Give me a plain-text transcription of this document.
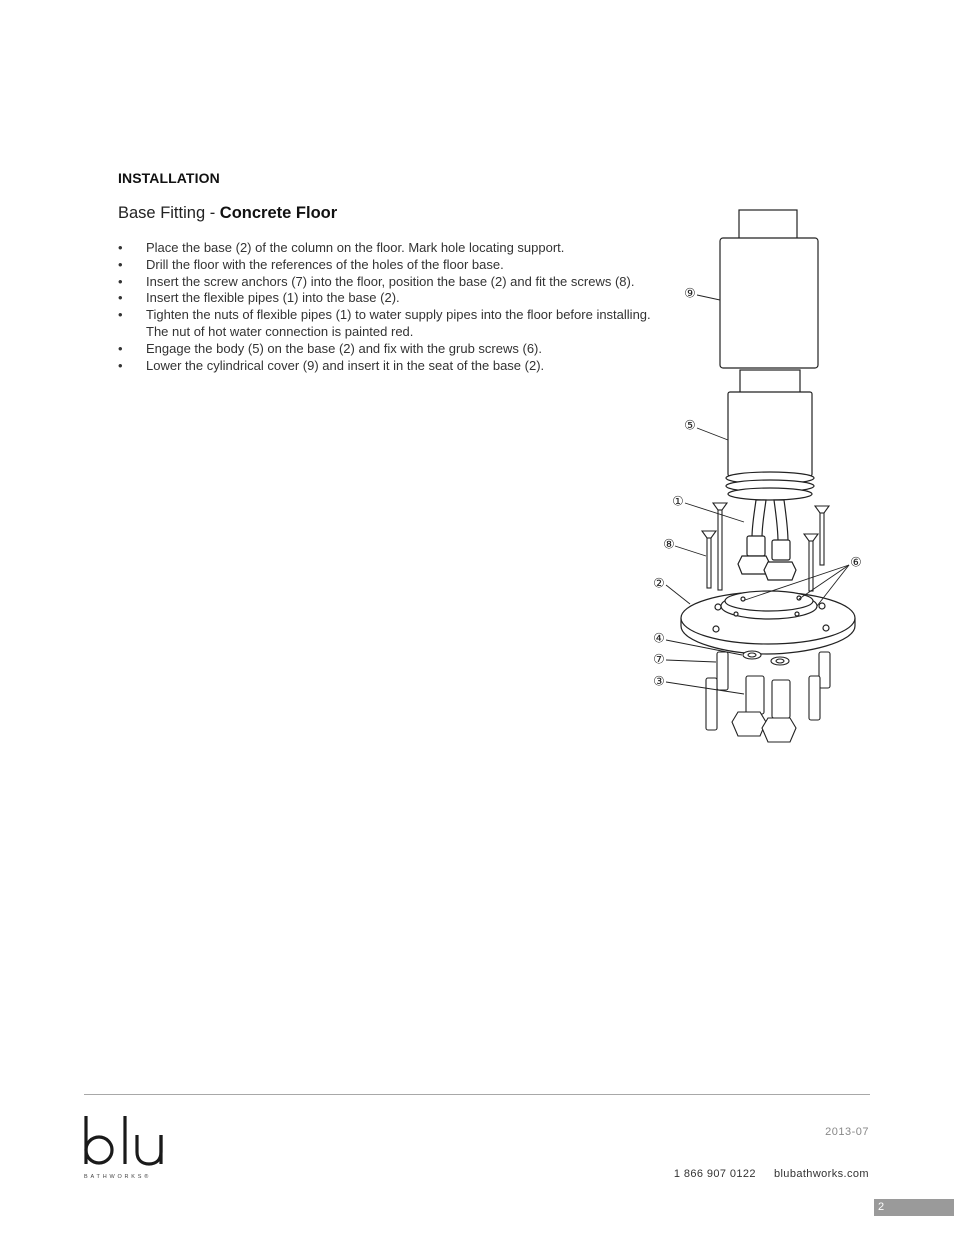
INSTALLATION
Base Fitting - Concrete Floor
• Place the base (2) of the column on the floor. Mark hole locating support.
• Drill the floor with the references of the holes of the floor base.
• Insert the screw anchors (7) into the floor, position the base (2) and fit the screws (8).
• Insert the flexible pipes (1) into the base (2).
• Tighten the nuts of flexible pipes (1) to water supply pipes into the floor before installing.
The nut of hot water connection is painted red.
• Engage the body (5) on the base (2) and fix with the grub screws (6).
• Lower the cylindrical cover (9) and insert it in the seat of the base (2).
⑨
⑤
①
⑧
⑥
②
④
⑦
③
BATHWORKS®
2013-07
1 866 907 0122 blubathworks.com
2
